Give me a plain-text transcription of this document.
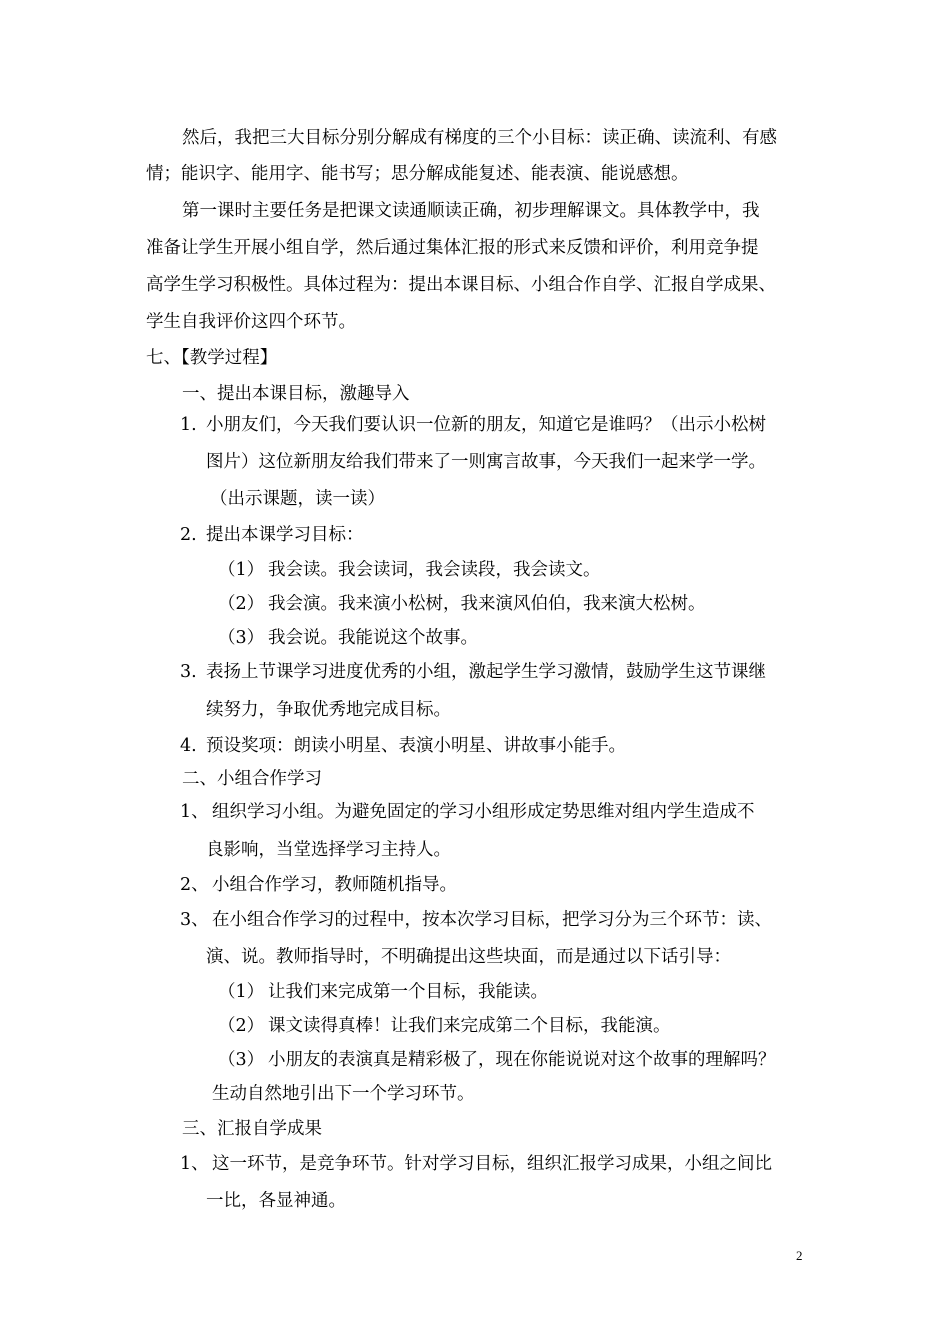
然后，我把三大目标分别分解成有梯度的三个小目标：读正确、读流利、有感
情；能识字、能用字、能书写；思分解成能复述、能表演、能说感想。
第一课时主要任务是把课文读通顺读正确，初步理解课文。具体教学中，我
准备让学生开展小组自学，然后通过集体汇报的形式来反馈和评价，利用竞争提
高学生学习积极性。具体过程为：提出本课目标、小组合作自学、汇报自学成果、
学生自我评价这四个环节。
七、【教学过程】
一、提出本课目标，激趣导入
1. 小朋友们，今天我们要认识一位新的朋友，知道它是谁吗？（出示小松树
图片）这位新朋友给我们带来了一则寓言故事，今天我们一起来学一学。
（出示课题，读一读）
2. 提出本课学习目标：
（1） 我会读。我会读词，我会读段，我会读文。
（2） 我会演。我来演小松树，我来演风伯伯，我来演大松树。
（3） 我会说。我能说这个故事。
3. 表扬上节课学习进度优秀的小组，激起学生学习激情，鼓励学生这节课继
续努力，争取优秀地完成目标。
4. 预设奖项：朗读小明星、表演小明星、讲故事小能手。
二、小组合作学习
1、 组织学习小组。为避免固定的学习小组形成定势思维对组内学生造成不
良影响，当堂选择学习主持人。
2、 小组合作学习，教师随机指导。
3、 在小组合作学习的过程中，按本次学习目标，把学习分为三个环节：读、
演、说。教师指导时，不明确提出这些块面，而是通过以下话引导：
（1） 让我们来完成第一个目标，我能读。
（2） 课文读得真棒！让我们来完成第二个目标，我能演。
（3） 小朋友的表演真是精彩极了，现在你能说说对这个故事的理解吗？
生动自然地引出下一个学习环节。
三、汇报自学成果
1、 这一环节，是竞争环节。针对学习目标，组织汇报学习成果，小组之间比
一比，各显神通。
2
